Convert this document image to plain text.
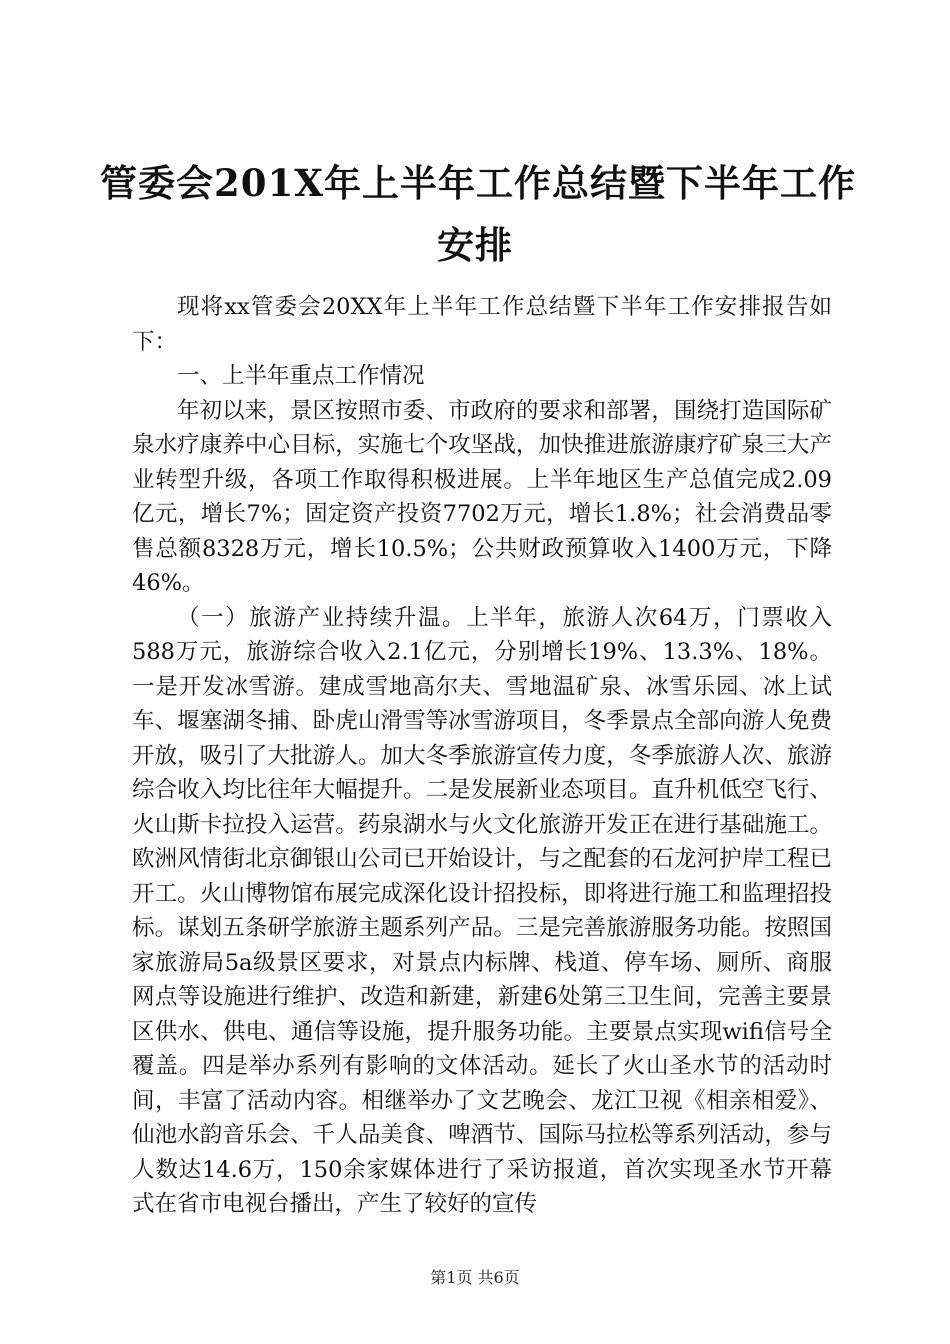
管委会201X年上半年工作总结暨下半年工作
安排

现将xx管委会20XX年上半年工作总结暨下半年工作安排报告如下：

一、上半年重点工作情况

年初以来，景区按照市委、市政府的要求和部署，围绕打造国际矿泉水疗康养中心目标，实施七个攻坚战，加快推进旅游康疗矿泉三大产业转型升级，各项工作取得积极进展。上半年地区生产总值完成2.09亿元，增长7%；固定资产投资7702万元，增长1.8%；社会消费品零售总额8328万元，增长10.5%；公共财政预算收入1400万元，下降46%。

（一）旅游产业持续升温。上半年，旅游人次64万，门票收入588万元，旅游综合收入2.1亿元，分别增长19%、13.3%、18%。一是开发冰雪游。建成雪地高尔夫、雪地温矿泉、冰雪乐园、冰上试车、堰塞湖冬捕、卧虎山滑雪等冰雪游项目，冬季景点全部向游人免费开放，吸引了大批游人。加大冬季旅游宣传力度，冬季旅游人次、旅游综合收入均比往年大幅提升。二是发展新业态项目。直升机低空飞行、火山斯卡拉投入运营。药泉湖水与火文化旅游开发正在进行基础施工。欧洲风情街北京御银山公司已开始设计，与之配套的石龙河护岸工程已开工。火山博物馆布展完成深化设计招投标，即将进行施工和监理招投标。谋划五条研学旅游主题系列产品。三是完善旅游服务功能。按照国家旅游局5a级景区要求，对景点内标牌、栈道、停车场、厕所、商服网点等设施进行维护、改造和新建，新建6处第三卫生间，完善主要景区供水、供电、通信等设施，提升服务功能。主要景点实现wifi信号全覆盖。四是举办系列有影响的文体活动。延长了火山圣水节的活动时间，丰富了活动内容。相继举办了文艺晚会、龙江卫视《相亲相爱》、仙池水韵音乐会、千人品美食、啤酒节、国际马拉松等系列活动，参与人数达14.6万，150余家媒体进行了采访报道，首次实现圣水节开幕式在省市电视台播出，产生了较好的宣传

第1页 共6页
